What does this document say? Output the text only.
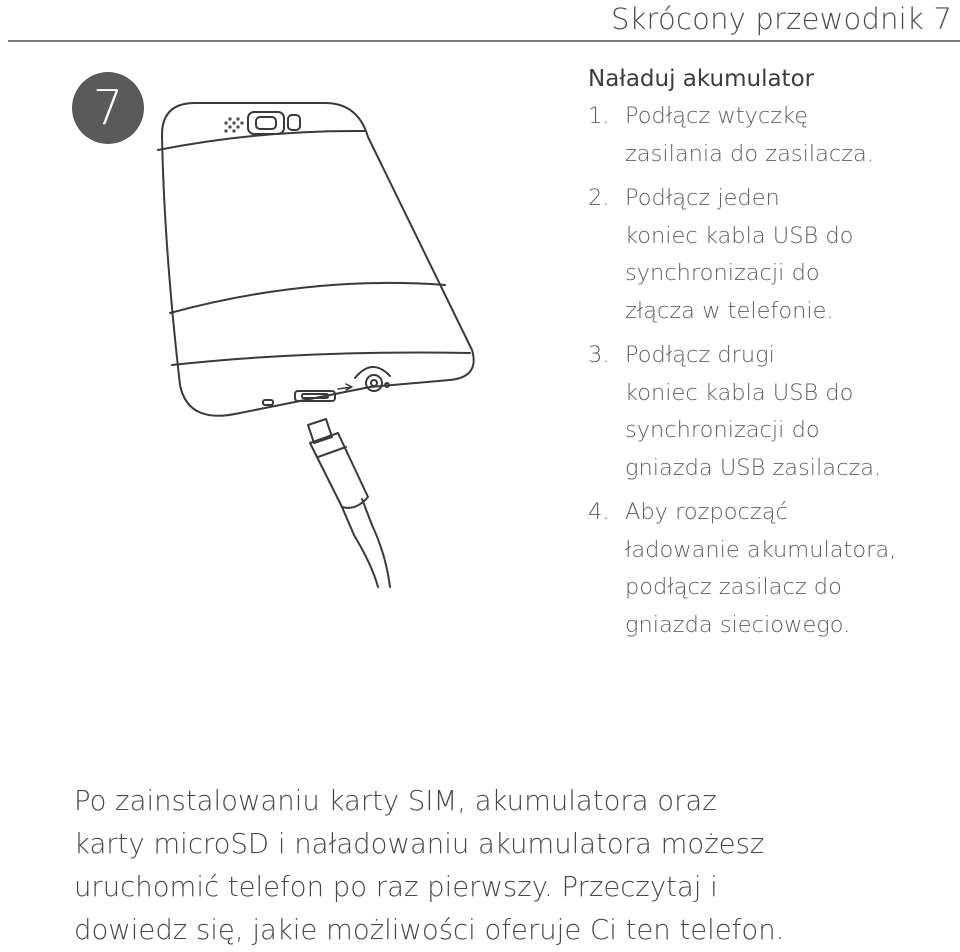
Skrócony przewodnik 7
7
Naładuj akumulator
1. Podłącz wtyczkę
zasilania do zasilacza.
2. Podłącz jeden
koniec kabla USB do
synchronizacji do
złącza w telefonie.
3. Podłącz drugi
koniec kabla USB do
synchronizacji do
gniazda USB zasilacza.
4. Aby rozpocząć
ładowanie akumulatora,
podłącz zasilacz do
gniazda sieciowego.
Po zainstalowaniu karty SIM, akumulatora oraz
karty microSD i naładowaniu akumulatora możesz
uruchomić telefon po raz pierwszy. Przeczytaj i
dowiedz się, jakie możliwości oferuje Ci ten telefon.
